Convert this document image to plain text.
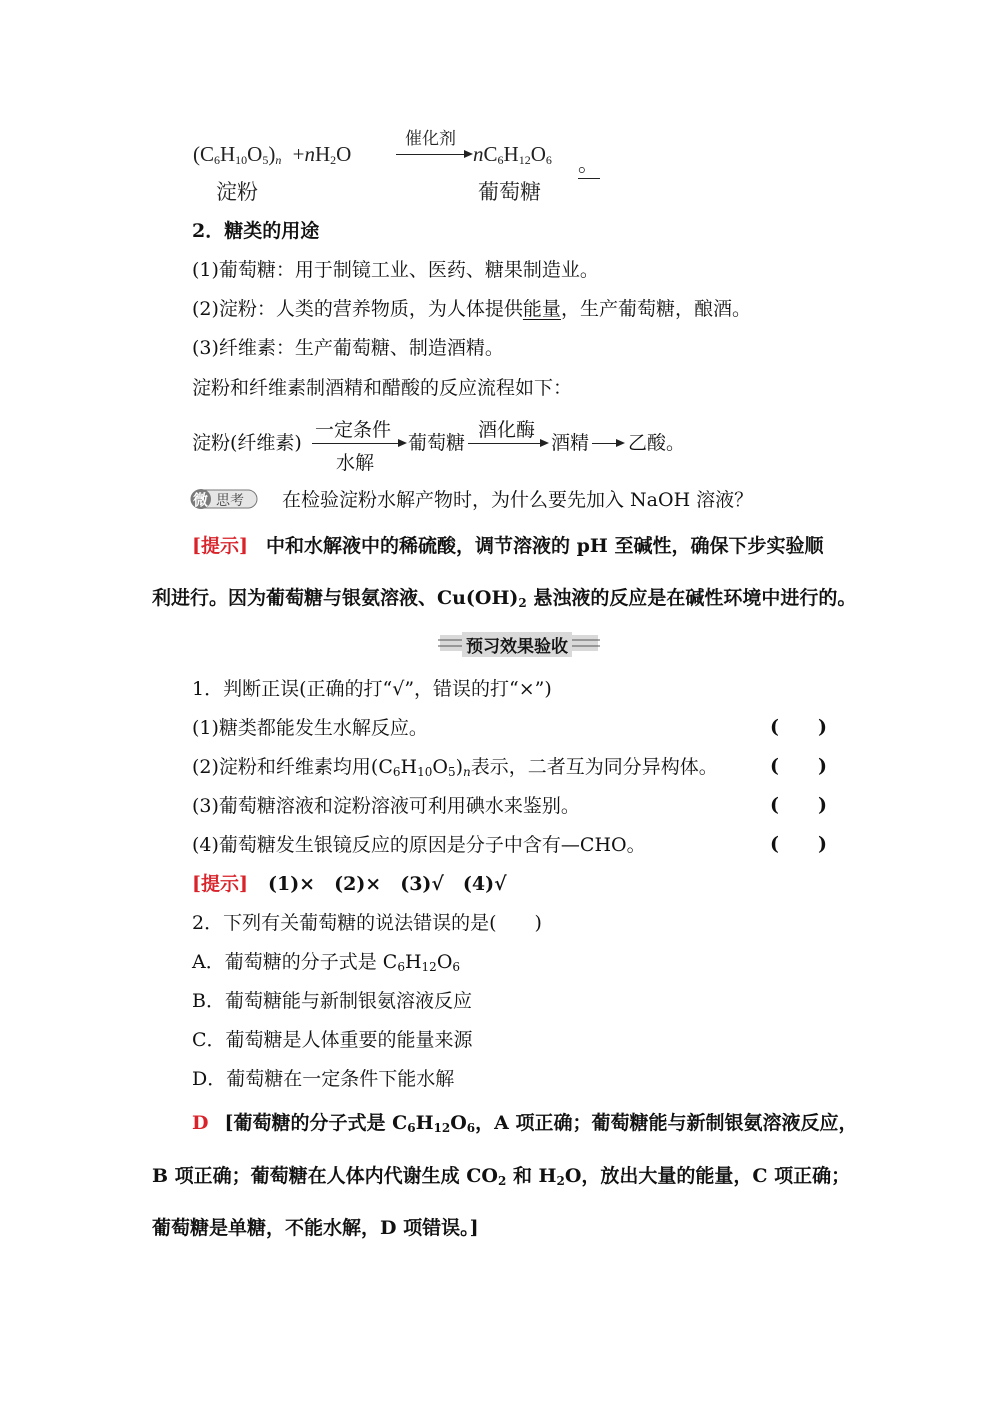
$(C_6H_{10}O_5)_n +nH_2O$
催化剂
$nC_6H_{12}O_6$ 。
淀粉	葡萄糖
2．糖类的用途
(1)葡萄糖：用于制镜工业、医药、糖果制造业。
(2)淀粉：人类的营养物质，为人体提供能量，生产葡萄糖，酿酒。
(3)纤维素：生产葡萄糖、制造酒精。
淀粉和纤维素制酒精和醋酸的反应流程如下：
淀粉(纤维素)
一定条件
水解
葡萄糖
酒化酶
酒精 乙酸。
微 思考 在检验淀粉水解产物时，为什么要先加入 NaOH 溶液？
[提示] 中和水解液中的稀硫酸，调节溶液的 pH 至碱性，确保下步实验顺
利进行。因为葡萄糖与银氨溶液、$Cu(OH)_2$ 悬浊液的反应是在碱性环境中进行的。
预习效果验收
1．判断正误(正确的打“√”，错误的打“×”)
(1)糖类都能发生水解反应。
(2)淀粉和纤维素均用$(C_6H_{10}O_5)_n$表示，二者互为同分异构体。
(3)葡萄糖溶液和淀粉溶液可利用碘水来鉴别。
(4)葡萄糖发生银镜反应的原因是分子中含有—CHO。
( )
( )
( )
( )
[提示] (1)×　(2)×　(3)√　(4)√
2．下列有关葡萄糖的说法错误的是(　　)
A．葡萄糖的分子式是 $C_6H_{12}O_6$
B．葡萄糖能与新制银氨溶液反应
C．葡萄糖是人体重要的能量来源
D．葡萄糖在一定条件下能水解
D [葡萄糖的分子式是 $C_6H_{12}O_6$，A 项正确；葡萄糖能与新制银氨溶液反应，
B 项正确；葡萄糖在人体内代谢生成 $CO_2$ 和 $H_2O$，放出大量的能量，C 项正确；
葡萄糖是单糖，不能水解，D 项错误。]
